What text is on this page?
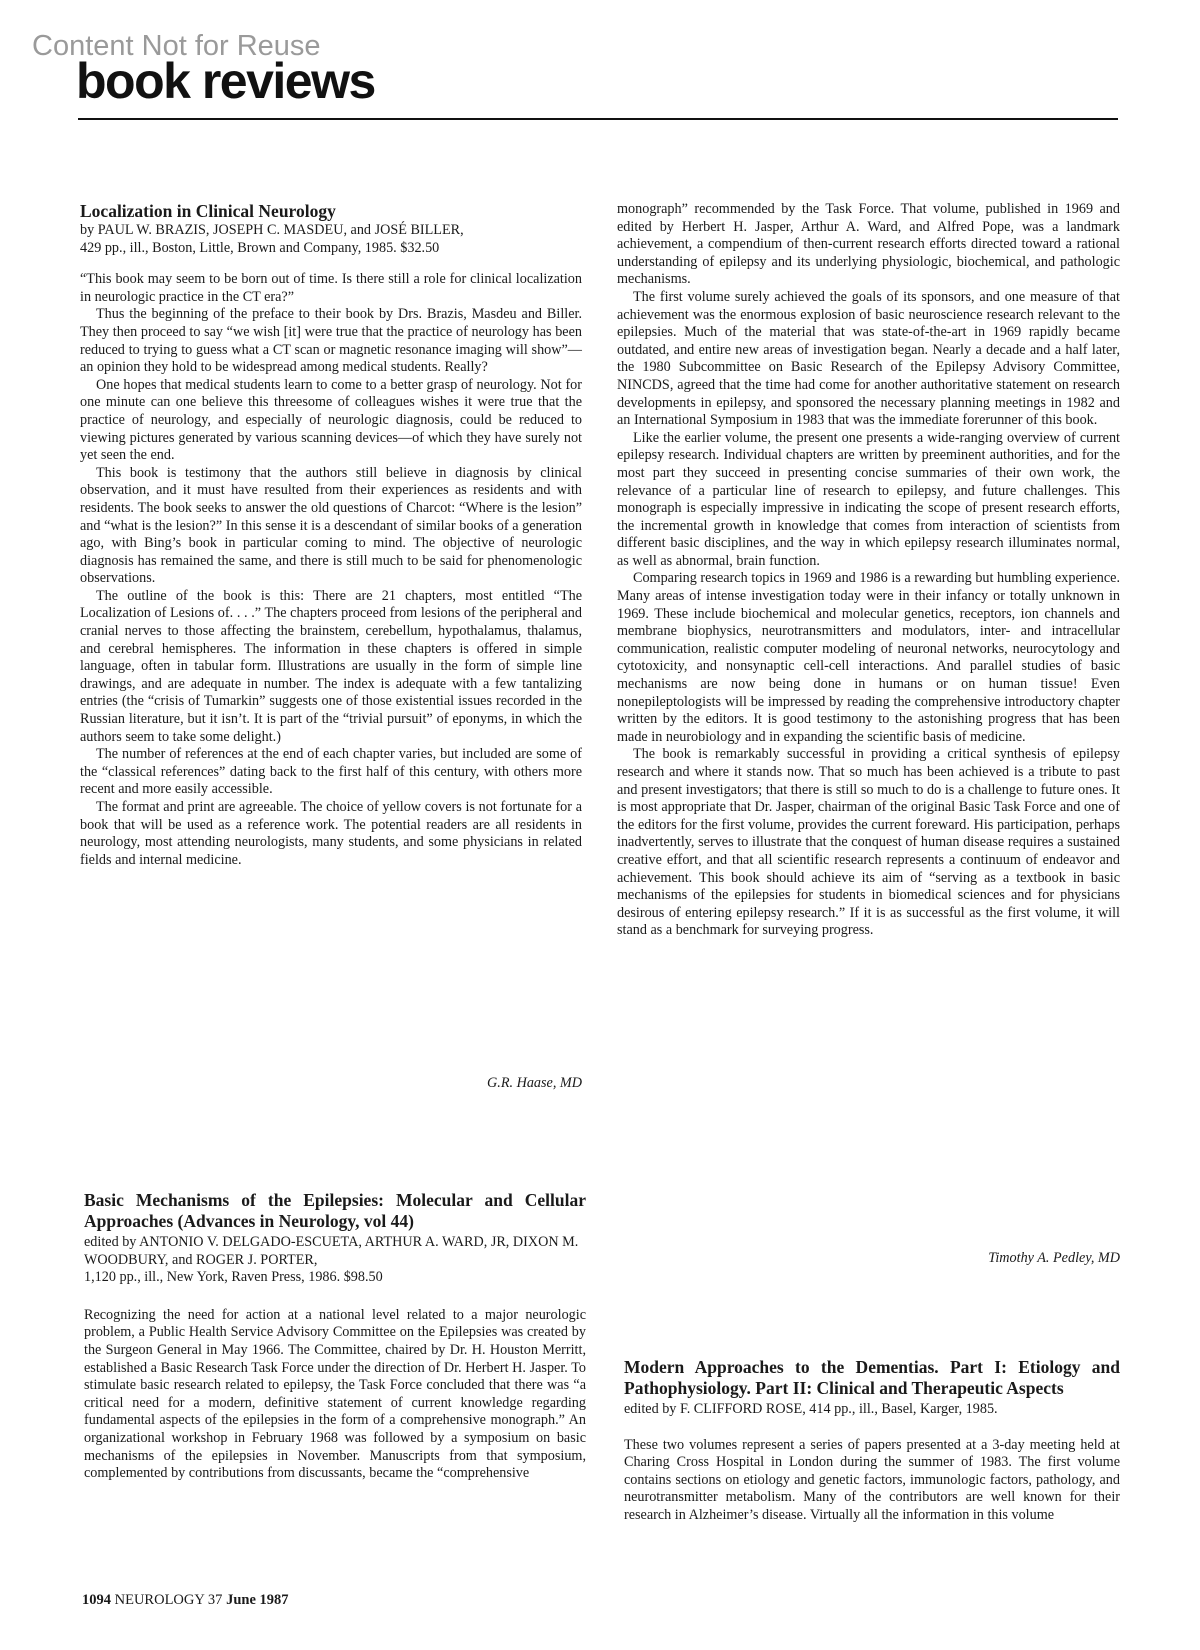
Content Not for Reuse
book reviews
Localization in Clinical Neurology

by PAUL W. BRAZIS, JOSEPH C. MASDEU, and JOSÉ BILLER,

429 pp., ill., Boston, Little, Brown and Company, 1985. $32.50

“This book may seem to be born out of time. Is there still a role for clinical localization in neurologic practice in the CT era?”

Thus the beginning of the preface to their book by Drs. Brazis, Masdeu and Biller. They then proceed to say “we wish [it] were true that the practice of neurology has been reduced to trying to guess what a CT scan or magnetic resonance imaging will show”—an opinion they hold to be widespread among medical students. Really?

One hopes that medical students learn to come to a better grasp of neurology. Not for one minute can one believe this threesome of colleagues wishes it were true that the practice of neurology, and especially of neurologic diagnosis, could be reduced to viewing pictures generated by various scanning devices—of which they have surely not yet seen the end.

This book is testimony that the authors still believe in diagnosis by clinical observation, and it must have resulted from their experiences as residents and with residents. The book seeks to answer the old questions of Charcot: “Where is the lesion” and “what is the lesion?” In this sense it is a descendant of similar books of a generation ago, with Bing’s book in particular coming to mind. The objective of neurologic diagnosis has remained the same, and there is still much to be said for phenomenologic observations.

The outline of the book is this: There are 21 chapters, most entitled “The Localization of Lesions of. . . .” The chapters proceed from lesions of the peripheral and cranial nerves to those affecting the brainstem, cerebellum, hypothalamus, thalamus, and cerebral hemispheres. The information in these chapters is offered in simple language, often in tabular form. Illustrations are usually in the form of simple line drawings, and are adequate in number. The index is adequate with a few tantalizing entries (the “crisis of Tumarkin” suggests one of those existential issues recorded in the Russian literature, but it isn’t. It is part of the “trivial pursuit” of eponyms, in which the authors seem to take some delight.)

The number of references at the end of each chapter varies, but included are some of the “classical references” dating back to the first half of this century, with others more recent and more easily accessible.

The format and print are agreeable. The choice of yellow covers is not fortunate for a book that will be used as a reference work. The potential readers are all residents in neurology, most attending neurologists, many students, and some physicians in related fields and internal medicine.

G.R. Haase, MD

Basic Mechanisms of the Epilepsies: Molecular and Cellular Approaches (Advances in Neurology, vol 44)

edited by ANTONIO V. DELGADO-ESCUETA, ARTHUR A. WARD, JR, DIXON M. WOODBURY, and ROGER J. PORTER,

1,120 pp., ill., New York, Raven Press, 1986. $98.50

Recognizing the need for action at a national level related to a major neurologic problem, a Public Health Service Advisory Committee on the Epilepsies was created by the Surgeon General in May 1966. The Committee, chaired by Dr. H. Houston Merritt, established a Basic Research Task Force under the direction of Dr. Herbert H. Jasper. To stimulate basic research related to epilepsy, the Task Force concluded that there was “a critical need for a modern, definitive statement of current knowledge regarding fundamental aspects of the epilepsies in the form of a comprehensive monograph.” An organizational workshop in February 1968 was followed by a symposium on basic mechanisms of the epilepsies in November. Manuscripts from that symposium, complemented by contributions from discussants, became the “comprehensive

monograph” recommended by the Task Force. That volume, published in 1969 and edited by Herbert H. Jasper, Arthur A. Ward, and Alfred Pope, was a landmark achievement, a compendium of then-current research efforts directed toward a rational understanding of epilepsy and its underlying physiologic, biochemical, and pathologic mechanisms.

The first volume surely achieved the goals of its sponsors, and one measure of that achievement was the enormous explosion of basic neuroscience research relevant to the epilepsies. Much of the material that was state-of-the-art in 1969 rapidly became outdated, and entire new areas of investigation began. Nearly a decade and a half later, the 1980 Subcommittee on Basic Research of the Epilepsy Advisory Committee, NINCDS, agreed that the time had come for another authoritative statement on research developments in epilepsy, and sponsored the necessary planning meetings in 1982 and an International Symposium in 1983 that was the immediate forerunner of this book.

Like the earlier volume, the present one presents a wide-ranging overview of current epilepsy research. Individual chapters are written by preeminent authorities, and for the most part they succeed in presenting concise summaries of their own work, the relevance of a particular line of research to epilepsy, and future challenges. This monograph is especially impressive in indicating the scope of present research efforts, the incremental growth in knowledge that comes from interaction of scientists from different basic disciplines, and the way in which epilepsy research illuminates normal, as well as abnormal, brain function.

Comparing research topics in 1969 and 1986 is a rewarding but humbling experience. Many areas of intense investigation today were in their infancy or totally unknown in 1969. These include biochemical and molecular genetics, receptors, ion channels and membrane biophysics, neurotransmitters and modulators, inter- and intracellular communication, realistic computer modeling of neuronal networks, neurocytology and cytotoxicity, and nonsynaptic cell-cell interactions. And parallel studies of basic mechanisms are now being done in humans or on human tissue! Even nonepileptologists will be impressed by reading the comprehensive introductory chapter written by the editors. It is good testimony to the astonishing progress that has been made in neurobiology and in expanding the scientific basis of medicine.

The book is remarkably successful in providing a critical synthesis of epilepsy research and where it stands now. That so much has been achieved is a tribute to past and present investigators; that there is still so much to do is a challenge to future ones. It is most appropriate that Dr. Jasper, chairman of the original Basic Task Force and one of the editors for the first volume, provides the current foreward. His participation, perhaps inadvertently, serves to illustrate that the conquest of human disease requires a sustained creative effort, and that all scientific research represents a continuum of endeavor and achievement. This book should achieve its aim of “serving as a textbook in basic mechanisms of the epilepsies for students in biomedical sciences and for physicians desirous of entering epilepsy research.” If it is as successful as the first volume, it will stand as a benchmark for surveying progress.

Timothy A. Pedley, MD

Modern Approaches to the Dementias. Part I: Etiology and Pathophysiology. Part II: Clinical and Therapeutic Aspects

edited by F. CLIFFORD ROSE, 414 pp., ill., Basel, Karger, 1985.

These two volumes represent a series of papers presented at a 3-day meeting held at Charing Cross Hospital in London during the summer of 1983. The first volume contains sections on etiology and genetic factors, immunologic factors, pathology, and neurotransmitter metabolism. Many of the contributors are well known for their research in Alzheimer’s disease. Virtually all the information in this volume

1094 NEUROLOGY 37 June 1987
